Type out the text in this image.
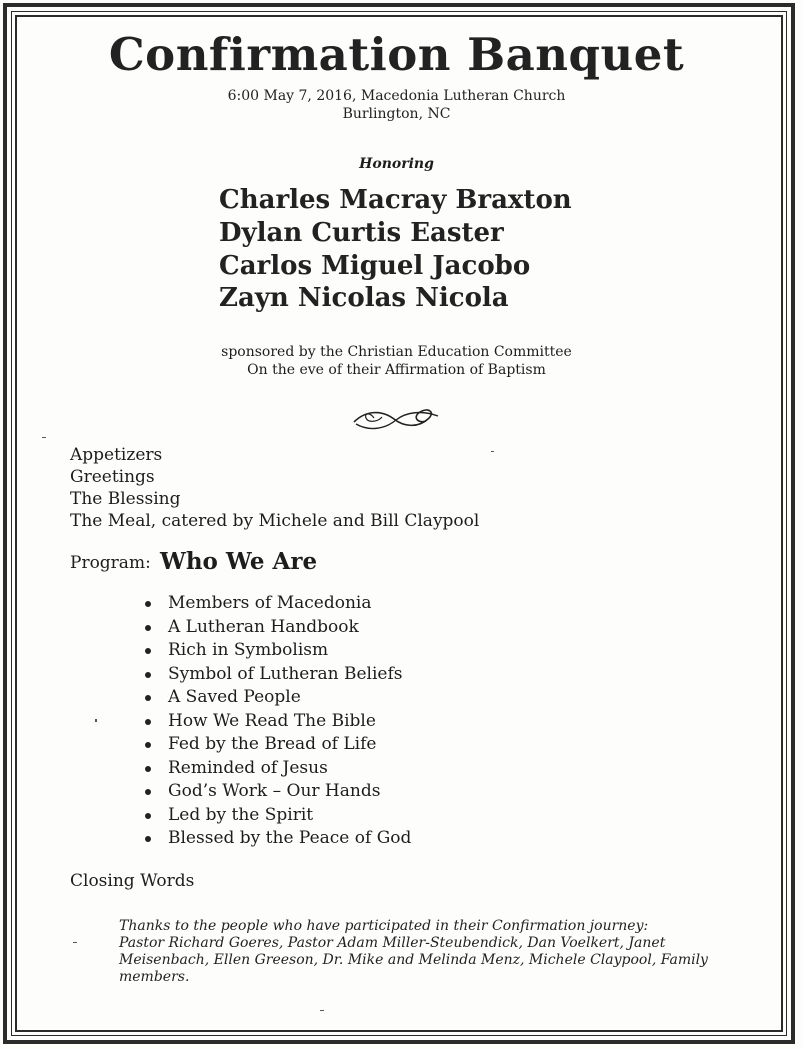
Confirmation Banquet
6:00 May 7, 2016, Macedonia Lutheran Church
Burlington, NC
Honoring
Charles Macray Braxton
Dylan Curtis Easter
Carlos Miguel Jacobo
Zayn Nicolas Nicola
sponsored by the Christian Education Committee
On the eve of their Affirmation of Baptism
Appetizers
Greetings
The Blessing
The Meal, catered by Michele and Bill Claypool
Program: Who We Are
Members of Macedonia
A Lutheran Handbook
Rich in Symbolism
Symbol of Lutheran Beliefs
A Saved People
How We Read The Bible
Fed by the Bread of Life
Reminded of Jesus
God’s Work – Our Hands
Led by the Spirit
Blessed by the Peace of God
Closing Words

Thanks to the people who have participated in their Confirmation journey:

Pastor Richard Goeres, Pastor Adam Miller-Steubendick, Dan Voelkert, Janet Meisenbach, Ellen Greeson, Dr. Mike and Melinda Menz, Michele Claypool, Family members.
